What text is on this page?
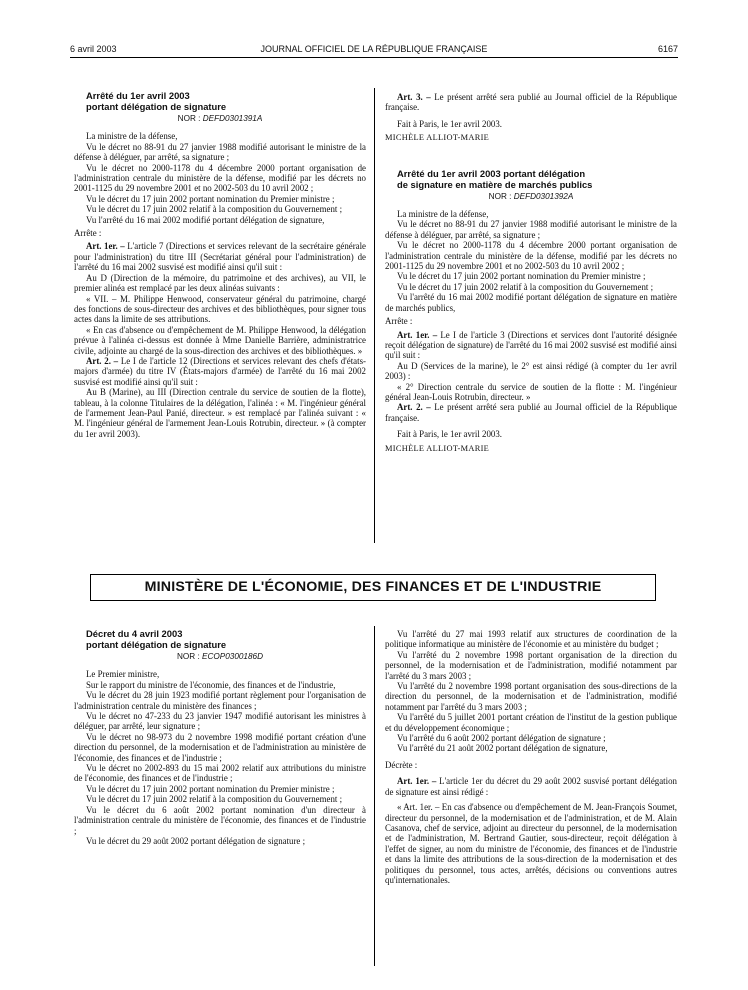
6 avril 2003	JOURNAL OFFICIEL DE LA RÉPUBLIQUE FRANÇAISE	6167

Arrêté du 1er avril 2003

portant délégation de signature

NOR : DEFD0301391A

La ministre de la défense,

Vu le décret no 88-91 du 27 janvier 1988 modifié autorisant le ministre de la défense à déléguer, par arrêté, sa signature ;

Vu le décret no 2000-1178 du 4 décembre 2000 portant organisation de l'administration centrale du ministère de la défense, modifié par les décrets no 2001-1125 du 29 novembre 2001 et no 2002-503 du 10 avril 2002 ;

Vu le décret du 17 juin 2002 portant nomination du Premier ministre ;

Vu le décret du 17 juin 2002 relatif à la composition du Gouvernement ;

Vu l'arrêté du 16 mai 2002 modifié portant délégation de signature,

Arrête :

Art. 1er. – L'article 7 (Directions et services relevant de la secrétaire générale pour l'administration) du titre III (Secrétariat général pour l'administration) de l'arrêté du 16 mai 2002 susvisé est modifié ainsi qu'il suit :

Au D (Direction de la mémoire, du patrimoine et des archives), au VII, le premier alinéa est remplacé par les deux alinéas suivants :

« VII. – M. Philippe Henwood, conservateur général du patrimoine, chargé des fonctions de sous-directeur des archives et des bibliothèques, pour signer tous actes dans la limite de ses attributions.

« En cas d'absence ou d'empêchement de M. Philippe Henwood, la délégation prévue à l'alinéa ci-dessus est donnée à Mme Danielle Barrière, administratrice civile, adjointe au chargé de la sous-direction des archives et des bibliothèques. »

Art. 2. – Le I de l'article 12 (Directions et services relevant des chefs d'états-majors d'armée) du titre IV (États-majors d'armée) de l'arrêté du 16 mai 2002 susvisé est modifié ainsi qu'il suit :

Au B (Marine), au III (Direction centrale du service de soutien de la flotte), tableau, à la colonne Titulaires de la délégation, l'alinéa : « M. l'ingénieur général de l'armement Jean-Paul Panié, directeur. » est remplacé par l'alinéa suivant : « M. l'ingénieur général de l'armement Jean-Louis Rotrubin, directeur. » (à compter du 1er avril 2003).

Art. 3. – Le présent arrêté sera publié au Journal officiel de la République française.

Fait à Paris, le 1er avril 2003.

MICHÈLE ALLIOT-MARIE

Arrêté du 1er avril 2003 portant délégation

de signature en matière de marchés publics

NOR : DEFD0301392A

La ministre de la défense,

Vu le décret no 88-91 du 27 janvier 1988 modifié autorisant le ministre de la défense à déléguer, par arrêté, sa signature ;

Vu le décret no 2000-1178 du 4 décembre 2000 portant organisation de l'administration centrale du ministère de la défense, modifié par les décrets no 2001-1125 du 29 novembre 2001 et no 2002-503 du 10 avril 2002 ;

Vu le décret du 17 juin 2002 portant nomination du Premier ministre ;

Vu le décret du 17 juin 2002 relatif à la composition du Gouvernement ;

Vu l'arrêté du 16 mai 2002 modifié portant délégation de signature en matière de marchés publics,

Arrête :

Art. 1er. – Le I de l'article 3 (Directions et services dont l'autorité désignée reçoit délégation de signature) de l'arrêté du 16 mai 2002 susvisé est modifié ainsi qu'il suit :

Au D (Services de la marine), le 2° est ainsi rédigé (à compter du 1er avril 2003) :

« 2° Direction centrale du service de soutien de la flotte : M. l'ingénieur général Jean-Louis Rotrubin, directeur. »

Art. 2. – Le présent arrêté sera publié au Journal officiel de la République française.

Fait à Paris, le 1er avril 2003.

MICHÈLE ALLIOT-MARIE

MINISTÈRE DE L'ÉCONOMIE, DES FINANCES ET DE L'INDUSTRIE

Décret du 4 avril 2003

portant délégation de signature

NOR : ECOP0300186D

Le Premier ministre,

Sur le rapport du ministre de l'économie, des finances et de l'industrie,

Vu le décret du 28 juin 1923 modifié portant règlement pour l'organisation de l'administration centrale du ministère des finances ;

Vu le décret no 47-233 du 23 janvier 1947 modifié autorisant les ministres à déléguer, par arrêté, leur signature ;

Vu le décret no 98-973 du 2 novembre 1998 modifié portant création d'une direction du personnel, de la modernisation et de l'administration au ministère de l'économie, des finances et de l'industrie ;

Vu le décret no 2002-893 du 15 mai 2002 relatif aux attributions du ministre de l'économie, des finances et de l'industrie ;

Vu le décret du 17 juin 2002 portant nomination du Premier ministre ;

Vu le décret du 17 juin 2002 relatif à la composition du Gouvernement ;

Vu le décret du 6 août 2002 portant nomination d'un directeur à l'administration centrale du ministère de l'économie, des finances et de l'industrie ;

Vu le décret du 29 août 2002 portant délégation de signature ;

Vu l'arrêté du 27 mai 1993 relatif aux structures de coordination de la politique informatique au ministère de l'économie et au ministère du budget ;

Vu l'arrêté du 2 novembre 1998 portant organisation de la direction du personnel, de la modernisation et de l'administration, modifié notamment par l'arrêté du 3 mars 2003 ;

Vu l'arrêté du 2 novembre 1998 portant organisation des sous-directions de la direction du personnel, de la modernisation et de l'administration, modifié notamment par l'arrêté du 3 mars 2003 ;

Vu l'arrêté du 5 juillet 2001 portant création de l'institut de la gestion publique et du développement économique ;

Vu l'arrêté du 6 août 2002 portant délégation de signature ;

Vu l'arrêté du 21 août 2002 portant délégation de signature,

Décrète :

Art. 1er. – L'article 1er du décret du 29 août 2002 susvisé portant délégation de signature est ainsi rédigé :

« Art. 1er. – En cas d'absence ou d'empêchement de M. Jean-François Soumet, directeur du personnel, de la modernisation et de l'administration, et de M. Alain Casanova, chef de service, adjoint au directeur du personnel, de la modernisation et de l'administration, M. Bertrand Gautier, sous-directeur, reçoit délégation à l'effet de signer, au nom du ministre de l'économie, des finances et de l'industrie et dans la limite des attributions de la sous-direction de la modernisation et des politiques du personnel, tous actes, arrêtés, décisions ou conventions autres qu'internationales.
